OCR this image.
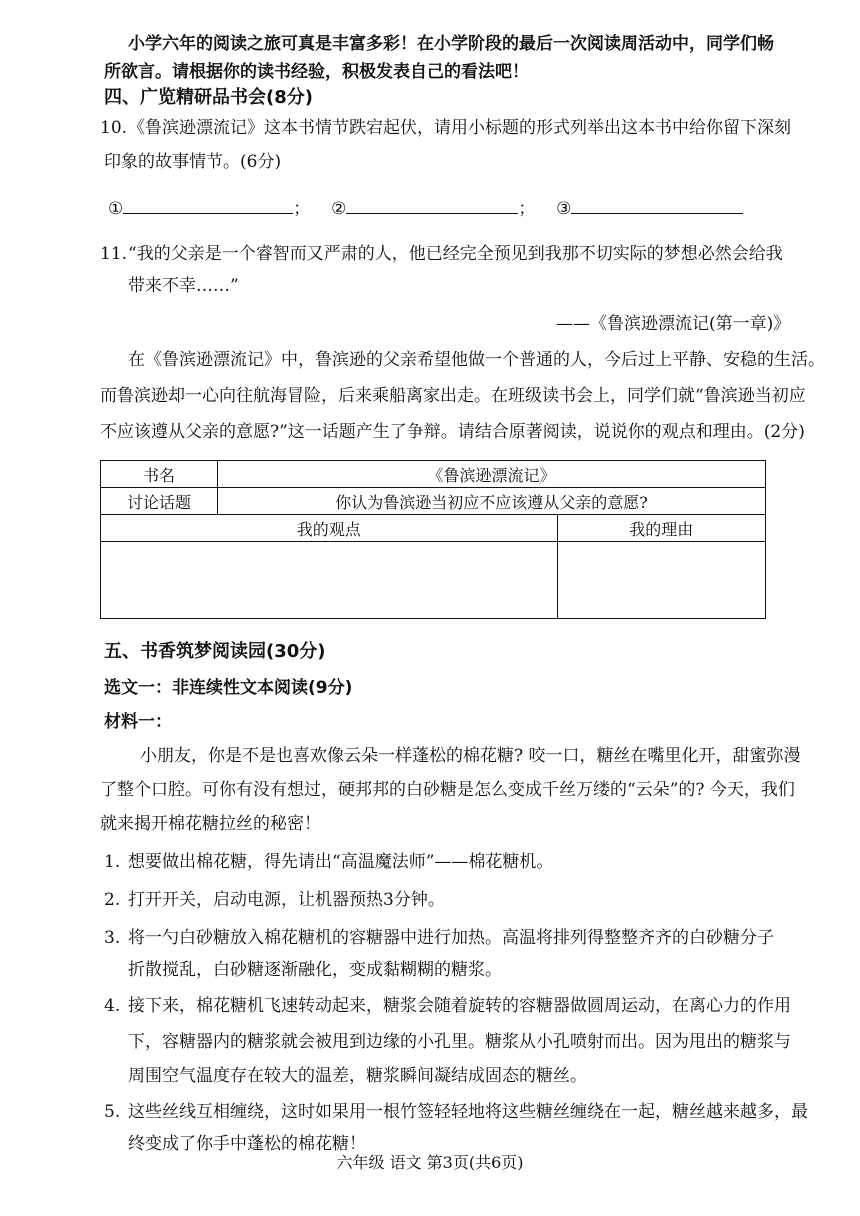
小学六年的阅读之旅可真是丰富多彩！在小学阶段的最后一次阅读周活动中，同学们畅
所欲言。请根据你的读书经验，积极发表自己的看法吧！
四、广览精研品书会(8分)
10. 《鲁滨逊漂流记》这本书情节跌宕起伏，请用小标题的形式列举出这本书中给你留下深刻
印象的故事情节。(6分)
①	； ②	； ③
11. “我的父亲是一个睿智而又严肃的人，他已经完全预见到我那不切实际的梦想必然会给我
带来不幸……”
——《鲁滨逊漂流记(第一章)》
在《鲁滨逊漂流记》中，鲁滨逊的父亲希望他做一个普通的人，今后过上平静、安稳的生活。
而鲁滨逊却一心向往航海冒险，后来乘船离家出走。在班级读书会上，同学们就“鲁滨逊当初应
不应该遵从父亲的意愿?”这一话题产生了争辩。请结合原著阅读，说说你的观点和理由。(2分)
书名	《鲁滨逊漂流记》	
讨论话题	你认为鲁滨逊当初应不应该遵从父亲的意愿?	
我的观点		我的理由

五、书香筑梦阅读园(30分)
选文一：非连续性文本阅读(9分)
材料一：
小朋友，你是不是也喜欢像云朵一样蓬松的棉花糖? 咬一口，糖丝在嘴里化开，甜蜜弥漫
了整个口腔。可你有没有想过，硬邦邦的白砂糖是怎么变成千丝万缕的“云朵”的? 今天，我们
就来揭开棉花糖拉丝的秘密！
1. 想要做出棉花糖，得先请出“高温魔法师”——棉花糖机。
2. 打开开关，启动电源，让机器预热3分钟。
3. 将一勺白砂糖放入棉花糖机的容糖器中进行加热。高温将排列得整整齐齐的白砂糖分子
折散搅乱，白砂糖逐渐融化，变成黏糊糊的糖浆。
4. 接下来，棉花糖机飞速转动起来，糖浆会随着旋转的容糖器做圆周运动，在离心力的作用
下，容糖器内的糖浆就会被甩到边缘的小孔里。糖浆从小孔喷射而出。因为甩出的糖浆与
周围空气温度存在较大的温差，糖浆瞬间凝结成固态的糖丝。
5. 这些丝线互相缠绕，这时如果用一根竹签轻轻地将这些糖丝缠绕在一起，糖丝越来越多，最
终变成了你手中蓬松的棉花糖！
六年级 语文 第3页(共6页)
